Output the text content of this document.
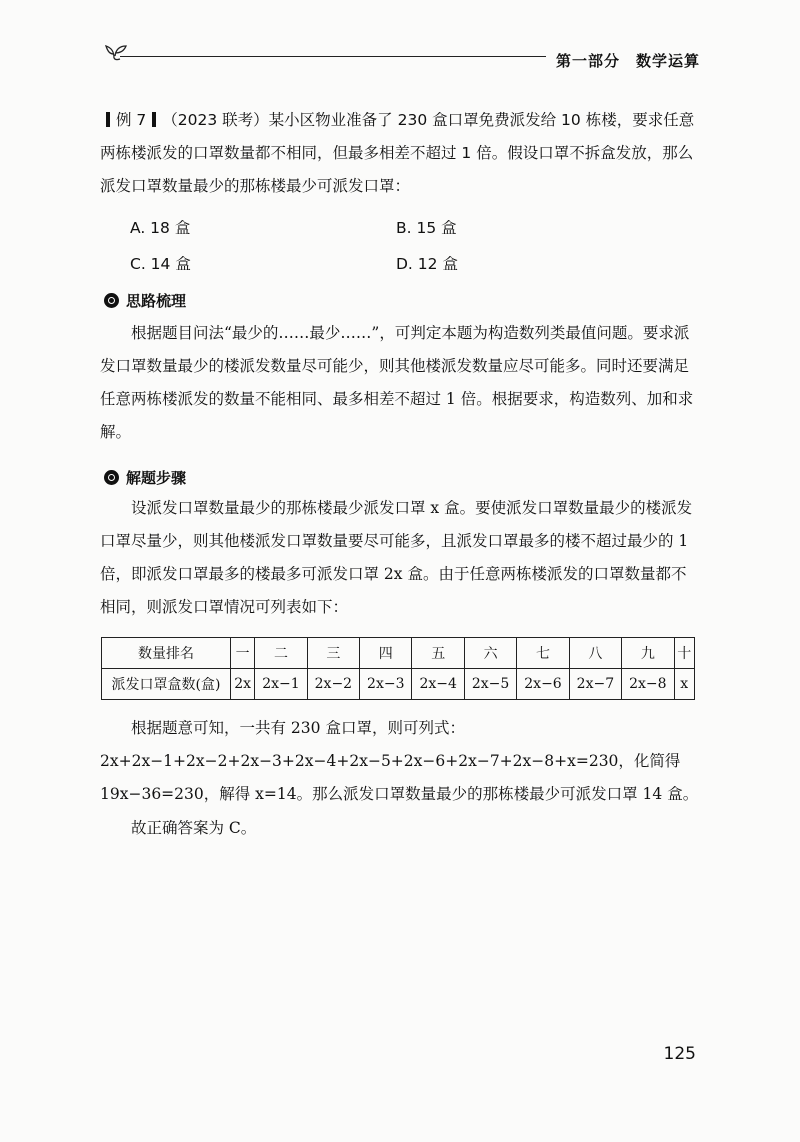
第一部分　数学运算
例 7 （2023 联考）某小区物业准备了 230 盒口罩免费派发给 10 栋楼，要求任意两栋楼派发的口罩数量都不相同，但最多相差不超过 1 倍。假设口罩不拆盒发放，那么派发口罩数量最少的那栋楼最少可派发口罩：
A. 18 盒	B. 15 盒
C. 14 盒	D. 12 盒
思路梳理
根据题目问法“最少的……最少……”，可判定本题为构造数列类最值问题。要求派发口罩数量最少的楼派发数量尽可能少，则其他楼派发数量应尽可能多。同时还要满足任意两栋楼派发的数量不能相同、最多相差不超过 1 倍。根据要求，构造数列、加和求解。
解题步骤
设派发口罩数量最少的那栋楼最少派发口罩 x 盒。要使派发口罩数量最少的楼派发口罩尽量少，则其他楼派发口罩数量要尽可能多，且派发口罩最多的楼不超过最少的 1 倍，即派发口罩最多的楼最多可派发口罩 2x 盒。由于任意两栋楼派发的口罩数量都不相同，则派发口罩情况可列表如下：
数量排名	一	二	三	四	五	六	七	八	九	十
派发口罩盒数(盒)	2x	2x−1	2x−2	2x−3	2x−4	2x−5	2x−6	2x−7	2x−8	x
根据题意可知，一共有 230 盒口罩，则可列式：2x+2x−1+2x−2+2x−3+2x−4+2x−5+2x−6+2x−7+2x−8+x=230，化简得 19x−36=230，解得 x=14。那么派发口罩数量最少的那栋楼最少可派发口罩 14 盒。
故正确答案为 C。
125
